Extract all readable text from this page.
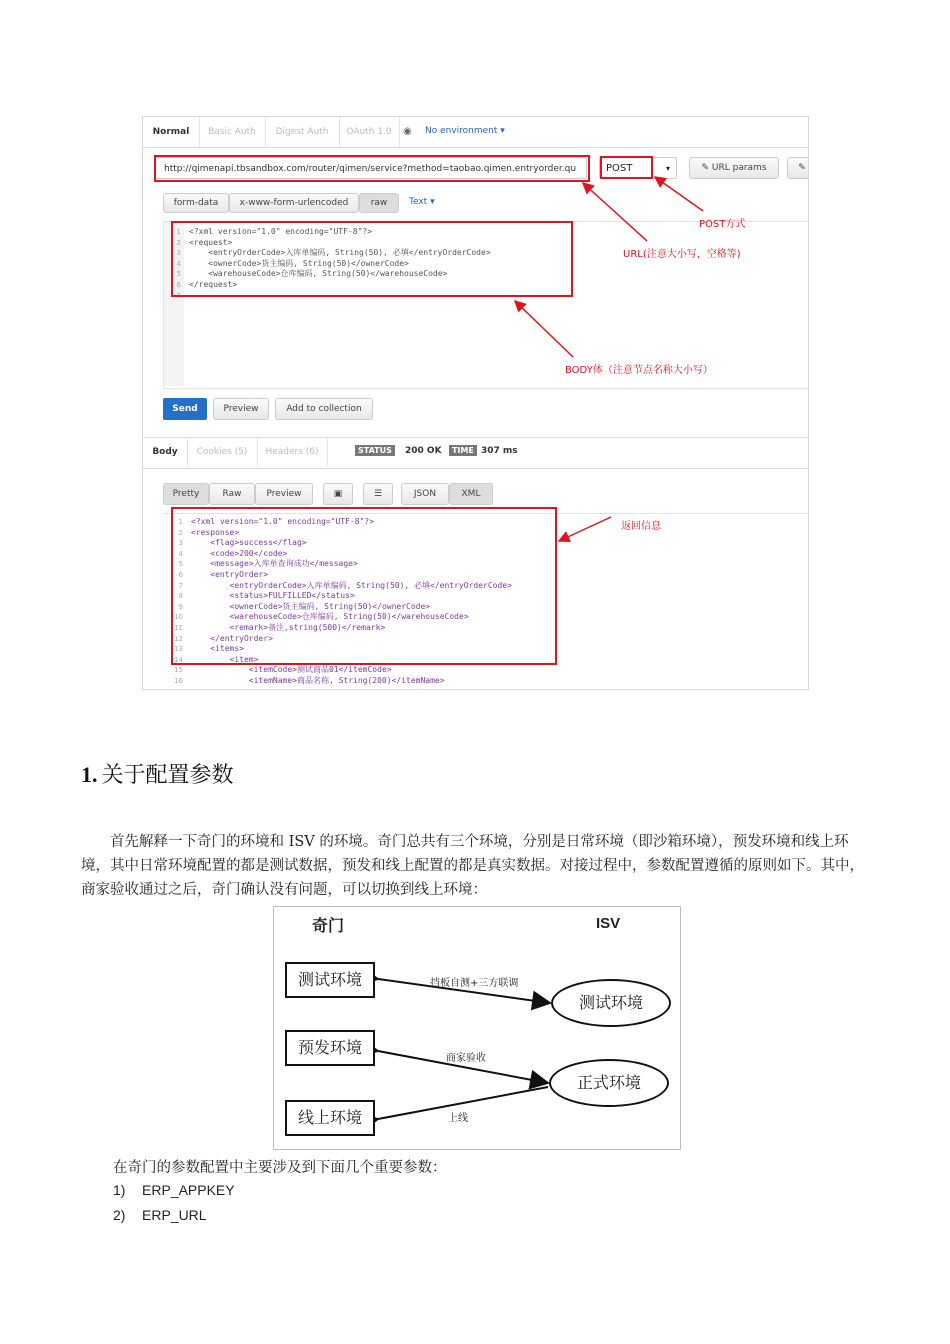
Normal	Basic Auth	Digest Auth	OAuth 1.0	◉ No environment ▾
http://qimenapi.tbsandbox.com/router/qimen/service?method=taobao.qimen.entryorder.qu	POST	▾	✎ URL params	✎
form-data	x-www-form-urlencoded	raw	Text ▾
1
2
3
4
5
6
7
<?xml version="1.0" encoding="UTF-8"?>
<request>
<entryOrderCode>入库单编码, String(50), 必填</entryOrderCode>
<ownerCode>货主编码, String(50)</ownerCode>
<warehouseCode>仓库编码, String(50)</warehouseCode>
</request>
Send	Preview	Add to collection
Body	Cookies (5)	Headers (6)	STATUS	200 OK	TIME 307 ms
Pretty	Raw	Preview	▣	☰	JSON	XML
1
2
3
4
5
6
7
8
9
10
11
12
13
14
15
16
<?xml version="1.0" encoding="UTF-8"?>
<response>
<flag>success</flag>
<code>200</code>
<message>入库单查询成功</message>
<entryOrder>
<entryOrderCode>入库单编码, String(50), 必填</entryOrderCode>
<status>FULFILLED</status>
<ownerCode>货主编码, String(50)</ownerCode>
<warehouseCode>仓库编码, String(50)</warehouseCode>
<remark>备注,string(500)</remark>
</entryOrder>
<items>
<item>
<itemCode>测试商品01</itemCode>
<itemName>商品名称, String(200)</itemName>
POST方式
URL(注意大小写，空格等)
BODY体（注意节点名称大小写）
返回信息
1. 关于配置参数
首先解释一下奇门的环境和 ISV 的环境。奇门总共有三个环境，分别是日常环境（即沙箱环境），预发环境和线上环境，其中日常环境配置的都是测试数据，预发和线上配置的都是真实数据。对接过程中，参数配置遵循的原则如下。其中，商家验收通过之后，奇门确认没有问题，可以切换到线上环境：
奇门	ISV
测试环境
预发环境
线上环境
测试环境
正式环境
挡板自测+三方联调
商家验收
上线
在奇门的参数配置中主要涉及到下面几个重要参数：
1) ERP_APPKEY
2) ERP_URL
